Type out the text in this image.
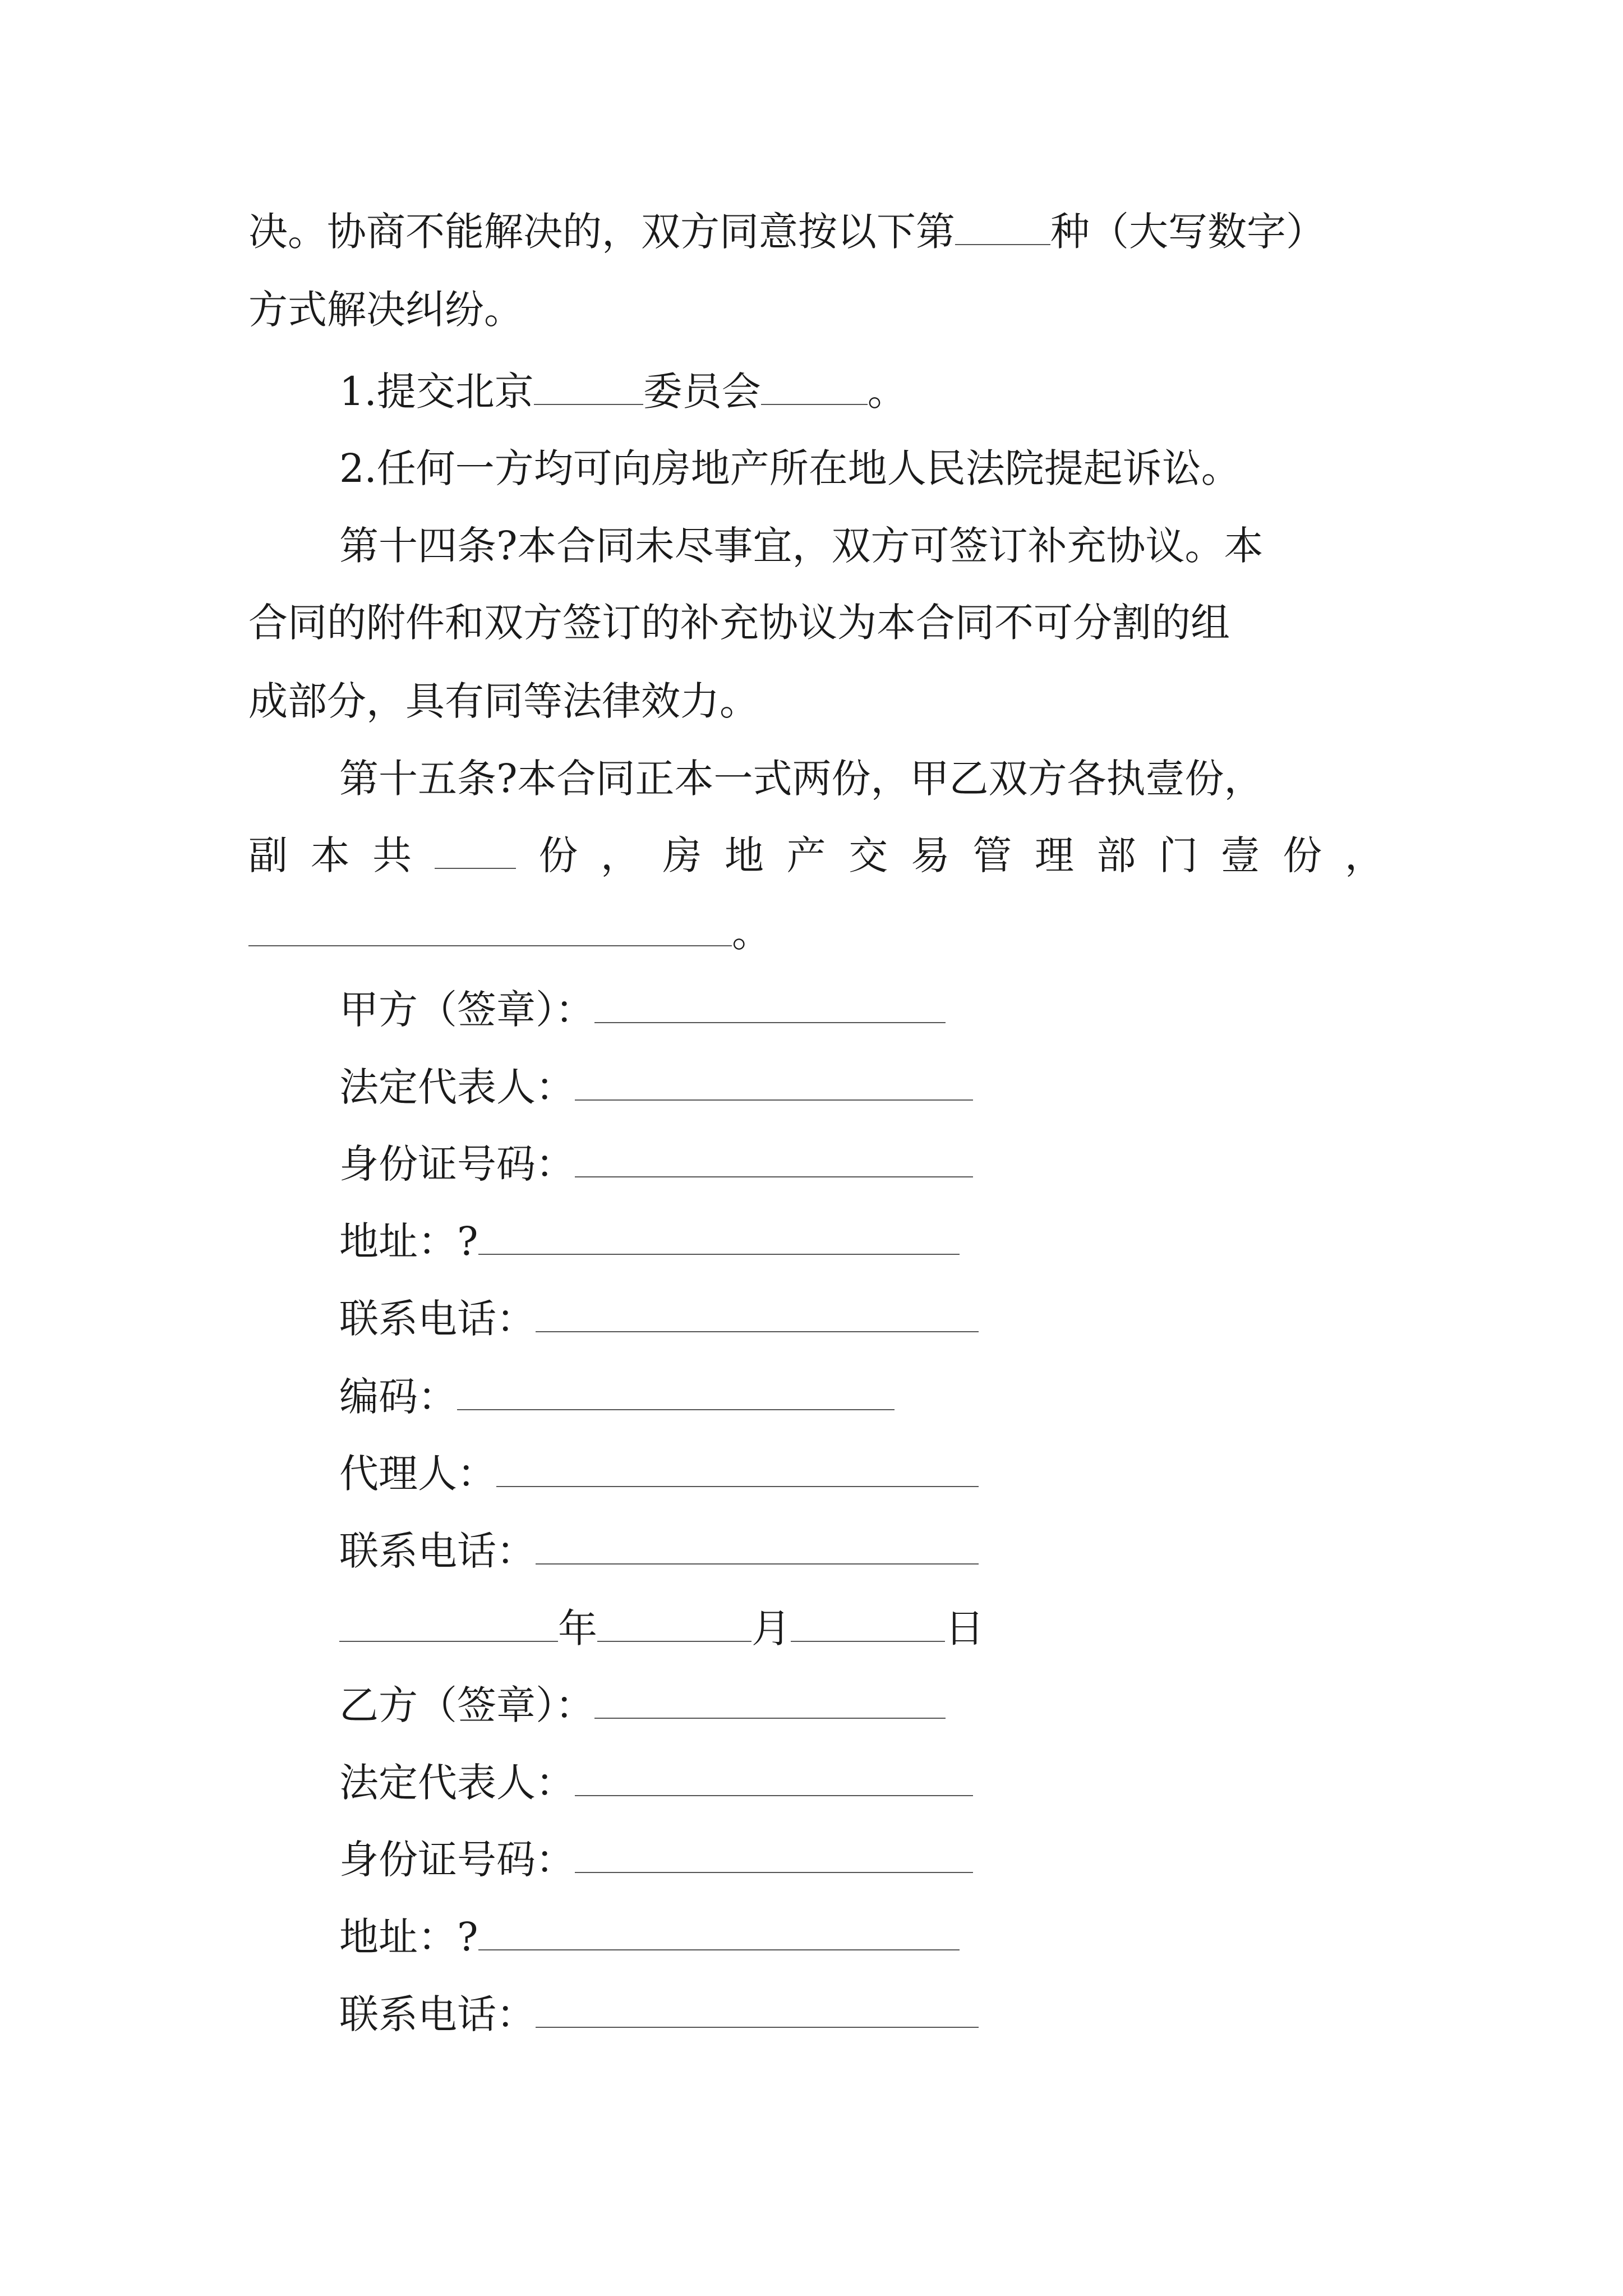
决。协商不能解决的，双方同意按以下第 种（大写数字）
方式解决纠纷。
1.提交北京	委员会	。
2.任何一方均可向房地产所在地人民法院提起诉讼。
第十四条?本合同未尽事宜，双方可签订补充协议。本
合同的附件和双方签订的补充协议为本合同不可分割的组
成部分，具有同等法律效力。
第十五条?本合同正本一式两份，甲乙双方各执壹份，
副 本 共	份 ， 房 地 产 交 易 管 理 部 门 壹 份 ，
。
甲方（签章）：
法定代表人：
身份证号码：
地址：?
联系电话：
编码：
代理人：
联系电话：
年	月	日
乙方（签章）：
法定代表人：
身份证号码：
地址：?
联系电话：
